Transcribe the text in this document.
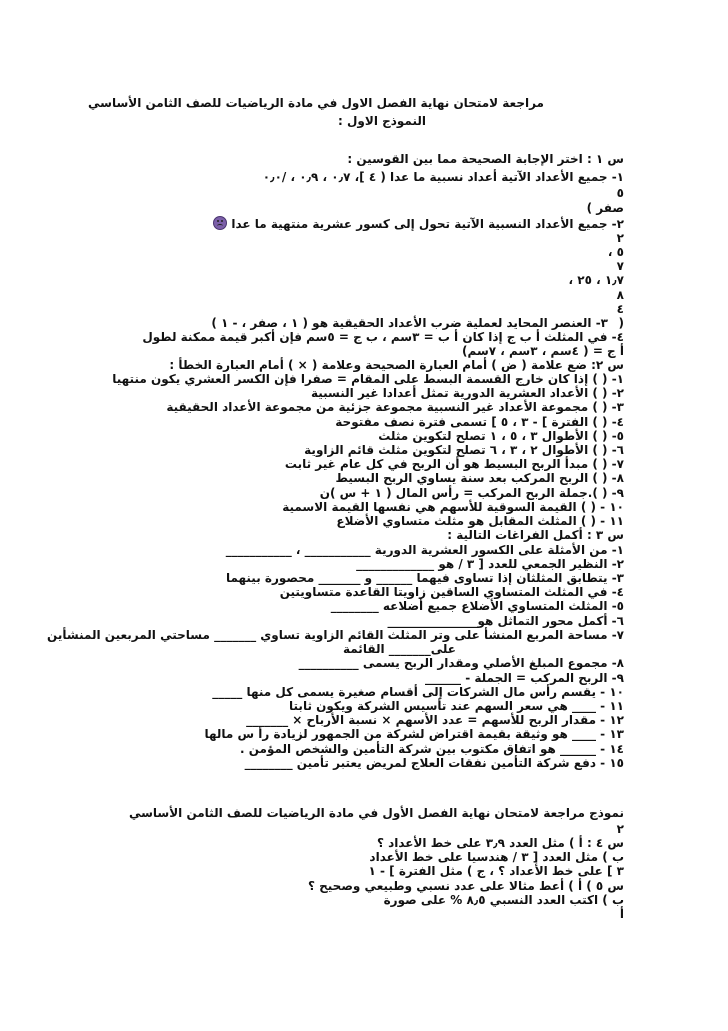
مراجعة لامتحان نهاية الفصل الاول في مادة الرياضيات للصف الثامن الأساسي
النموذج الاول :
س ١ : اختر الإجابة الصحيحة مما بين القوسين :
١- جميع الأعداد الآتية أعداد نسبية ما عدا ( ٤ ]، ٠٫٧ ، ٠٫٩ ، /٠٫٠
٥
صفر )
٢- جميع الأعداد النسبية الآتية تحول إلى كسور عشرية منتهية ما عدا
٢
، ٥
٧
، ١٫٧ ، ٢٥
٨
٤
)
٣- العنصر المحايد لعملية ضرب الأعداد الحقيقية هو ( ١ ، صفر ، - ١ )
٤- في المثلث أ ب ج إذا كان أ ب = ٣سم ، ب ج = ٥سم فإن أكبر قيمة ممكنة لطول
أ ج = ( ٤سم ، ٣سم ، ٧سم)
س ٢: ضع علامة ( ض ) أمام العبارة الصحيحة وعلامة ( × ) أمام العبارة الخطأ :
١- ( ) إذا كان خارج القسمة البسط على المقام = صفرا فإن الكسر العشري يكون منتهيا
٢- ( ) الأعداد العشرية الدورية تمثل أعدادا غير النسبية
٣- ( ) مجموعة الأعداد غير النسبية مجموعة جزئية من مجموعة الأعداد الحقيقية
٤- ( ) الفترة ] - ٣ ، ٥ ] تسمى فترة نصف مفتوحة
٥- ( ) الأطوال ٣ ، ٥ ، ١ تصلح لتكوين مثلث
٦- ( ) الأطوال ٢ ، ٣ ، ٦ تصلح لتكوين مثلث قائم الزاوية
٧- ( ) مبدأ الربح البسيط هو أن الربح في كل عام غير ثابت
٨- ( ) الربح المركب بعد سنة يساوي الربح البسيط
٩- ( ).جملة الربح المركب = رأس المال ( ١ + س )ن
١٠ - ( ) القيمة السوقية للأسهم هي نفسها القيمة الاسمية
١١ - ( ) المثلث المقابل هو مثلث متساوي الأضلاع
س ٣ : أكمل الفراغات التالية :
١- من الأمثلة على الكسور العشرية الدورية ___________ ، ___________
٢- النظير الجمعي للعدد [ ٣ / هو _____________
٣- يتطابق المثلثان إذا تساوى فيهما ______ و _______ محصورة بينهما
٤- في المثلث المتساوي الساقين زاويتا القاعدة متساويتين
٥- المثلث المتساوي الأضلاع جميع أضلاعه ________
٦- أكمل محور التماثل هو_______________
٧- مساحة المربع المنشأ على وتر المثلث القائم الزاوية تساوي _______ مساحتي المربعين المنشأين
على_______ القائمة
٨- مجموع المبلغ الأصلي ومقدار الربح يسمى __________
٩- الربح المركب = الجملة - ______
١٠ - يقسم رأس مال الشركات إلى أقسام صغيرة يسمى كل منها _____
١١ - ____ هي سعر السهم عند تأسيس الشركة ويكون ثابتا
١٢ - مقدار الربح للأسهم = عدد الأسهم × نسبة الأرباح × _______
١٣ - ____ هو وثيقة بقيمة اقتراض لشركة من الجمهور لزيادة رأ س مالها
١٤ - ______ هو اتفاق مكتوب بين شركة التأمين والشخص المؤمن .
١٥ - دفع شركة التأمين نفقات العلاج لمريض يعتبر تأمين ________
نموذج مراجعة لامتحان نهاية الفصل الأول في مادة الرياضيات للصف الثامن الأساسي
٢
س ٤ : أ ) مثل العدد ٣٫٩ على خط الأعداد ؟
ب ) مثل العدد [ ٣ / هندسيا على خط الأعداد
٣ ] على خط الأعداد ؟ ، ج ) مثل الفترة ] - ١
س ٥ ) أ ) أعط مثالا على عدد نسبي وطبيعي وصحيح ؟
ب ) اكتب العدد النسبي ٨٫٥ % على صورة
أ
